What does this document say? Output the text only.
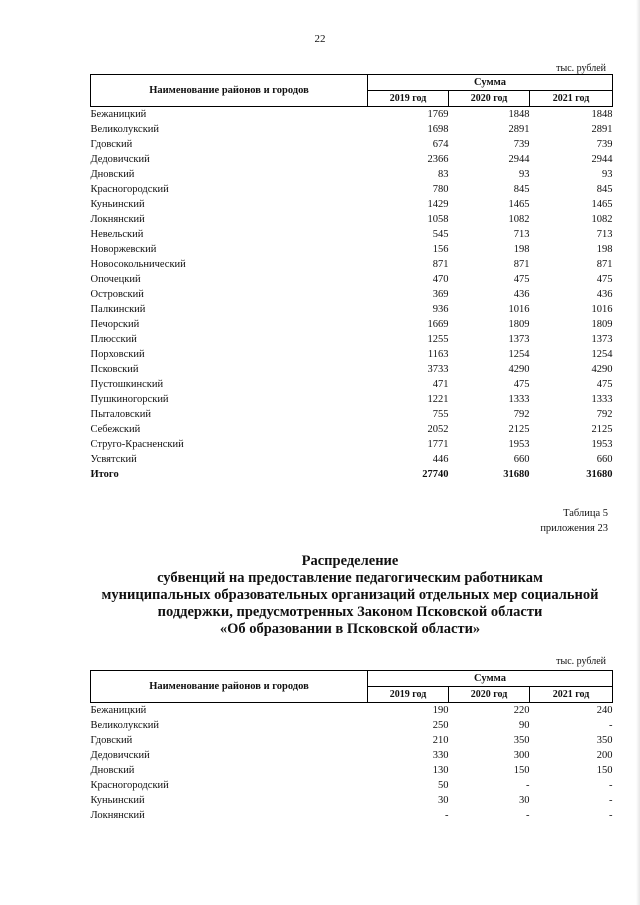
22
тыс. рублей
Наименование районов и городов	Сумма		
	2019 год	2020 год	2021 год
Бежаницкий	1769	1848	1848
Великолукский	1698	2891	2891
Гдовский	674	739	739
Дедовичский	2366	2944	2944
Дновский	83	93	93
Красногородский	780	845	845
Куньинский	1429	1465	1465
Локнянский	1058	1082	1082
Невельский	545	713	713
Новоржевский	156	198	198
Новосокольнический	871	871	871
Опочецкий	470	475	475
Островский	369	436	436
Палкинский	936	1016	1016
Печорский	1669	1809	1809
Плюсский	1255	1373	1373
Порховский	1163	1254	1254
Псковский	3733	4290	4290
Пустошкинский	471	475	475
Пушкиногорский	1221	1333	1333
Пыталовский	755	792	792
Себежский	2052	2125	2125
Струго-Красненский	1771	1953	1953
Усвятский	446	660	660
Итого	27740	31680	31680
Таблица 5
приложения 23
Распределение
субвенций на предоставление педагогическим работникам
муниципальных образовательных организаций отдельных мер социальной
поддержки, предусмотренных Законом Псковской области
«Об образовании в Псковской области»
тыс. рублей
Наименование районов и городов	Сумма		
	2019 год	2020 год	2021 год
Бежаницкий	190	220	240
Великолукский	250	90	-
Гдовский	210	350	350
Дедовичский	330	300	200
Дновский	130	150	150
Красногородский	50	-	-
Куньинский	30	30	-
Локнянский	-	-	-
